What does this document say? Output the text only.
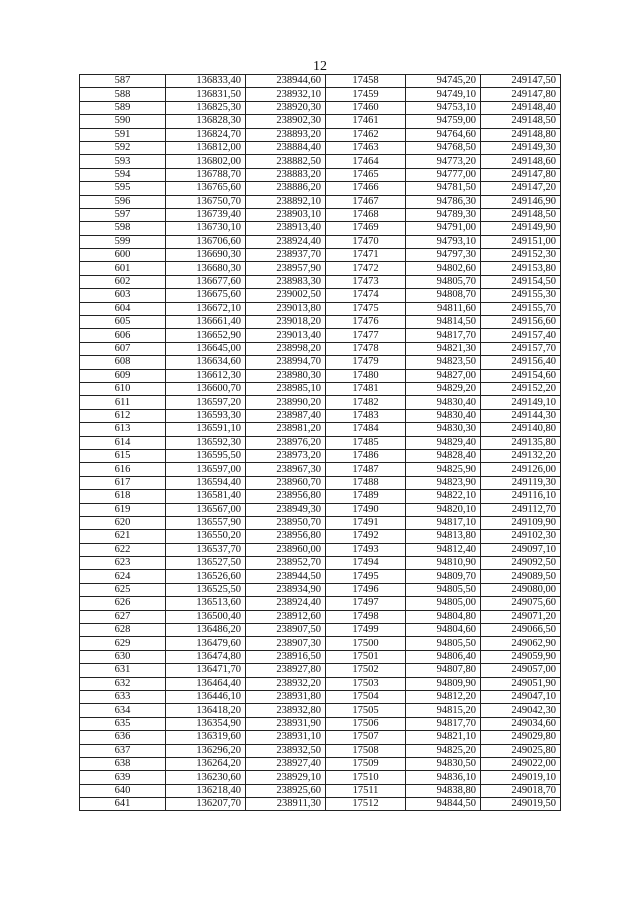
12
587	136833,40	238944,60	17458	94745,20	249147,50
588	136831,50	238932,10	17459	94749,10	249147,80
589	136825,30	238920,30	17460	94753,10	249148,40
590	136828,30	238902,30	17461	94759,00	249148,50
591	136824,70	238893,20	17462	94764,60	249148,80
592	136812,00	238884,40	17463	94768,50	249149,30
593	136802,00	238882,50	17464	94773,20	249148,60
594	136788,70	238883,20	17465	94777,00	249147,80
595	136765,60	238886,20	17466	94781,50	249147,20
596	136750,70	238892,10	17467	94786,30	249146,90
597	136739,40	238903,10	17468	94789,30	249148,50
598	136730,10	238913,40	17469	94791,00	249149,90
599	136706,60	238924,40	17470	94793,10	249151,00
600	136690,30	238937,70	17471	94797,30	249152,30
601	136680,30	238957,90	17472	94802,60	249153,80
602	136677,60	238983,30	17473	94805,70	249154,50
603	136675,60	239002,50	17474	94808,70	249155,30
604	136672,10	239013,80	17475	94811,60	249155,70
605	136661,40	239018,20	17476	94814,50	249156,60
606	136652,90	239013,40	17477	94817,70	249157,40
607	136645,00	238998,20	17478	94821,30	249157,70
608	136634,60	238994,70	17479	94823,50	249156,40
609	136612,30	238980,30	17480	94827,00	249154,60
610	136600,70	238985,10	17481	94829,20	249152,20
611	136597,20	238990,20	17482	94830,40	249149,10
612	136593,30	238987,40	17483	94830,40	249144,30
613	136591,10	238981,20	17484	94830,30	249140,80
614	136592,30	238976,20	17485	94829,40	249135,80
615	136595,50	238973,20	17486	94828,40	249132,20
616	136597,00	238967,30	17487	94825,90	249126,00
617	136594,40	238960,70	17488	94823,90	249119,30
618	136581,40	238956,80	17489	94822,10	249116,10
619	136567,00	238949,30	17490	94820,10	249112,70
620	136557,90	238950,70	17491	94817,10	249109,90
621	136550,20	238956,80	17492	94813,80	249102,30
622	136537,70	238960,00	17493	94812,40	249097,10
623	136527,50	238952,70	17494	94810,90	249092,50
624	136526,60	238944,50	17495	94809,70	249089,50
625	136525,50	238934,90	17496	94805,50	249080,00
626	136513,60	238924,40	17497	94805,00	249075,60
627	136500,40	238912,60	17498	94804,80	249071,20
628	136486,20	238907,50	17499	94804,60	249066,50
629	136479,60	238907,30	17500	94805,50	249062,90
630	136474,80	238916,50	17501	94806,40	249059,90
631	136471,70	238927,80	17502	94807,80	249057,00
632	136464,40	238932,20	17503	94809,90	249051,90
633	136446,10	238931,80	17504	94812,20	249047,10
634	136418,20	238932,80	17505	94815,20	249042,30
635	136354,90	238931,90	17506	94817,70	249034,60
636	136319,60	238931,10	17507	94821,10	249029,80
637	136296,20	238932,50	17508	94825,20	249025,80
638	136264,20	238927,40	17509	94830,50	249022,00
639	136230,60	238929,10	17510	94836,10	249019,10
640	136218,40	238925,60	17511	94838,80	249018,70
641	136207,70	238911,30	17512	94844,50	249019,50
